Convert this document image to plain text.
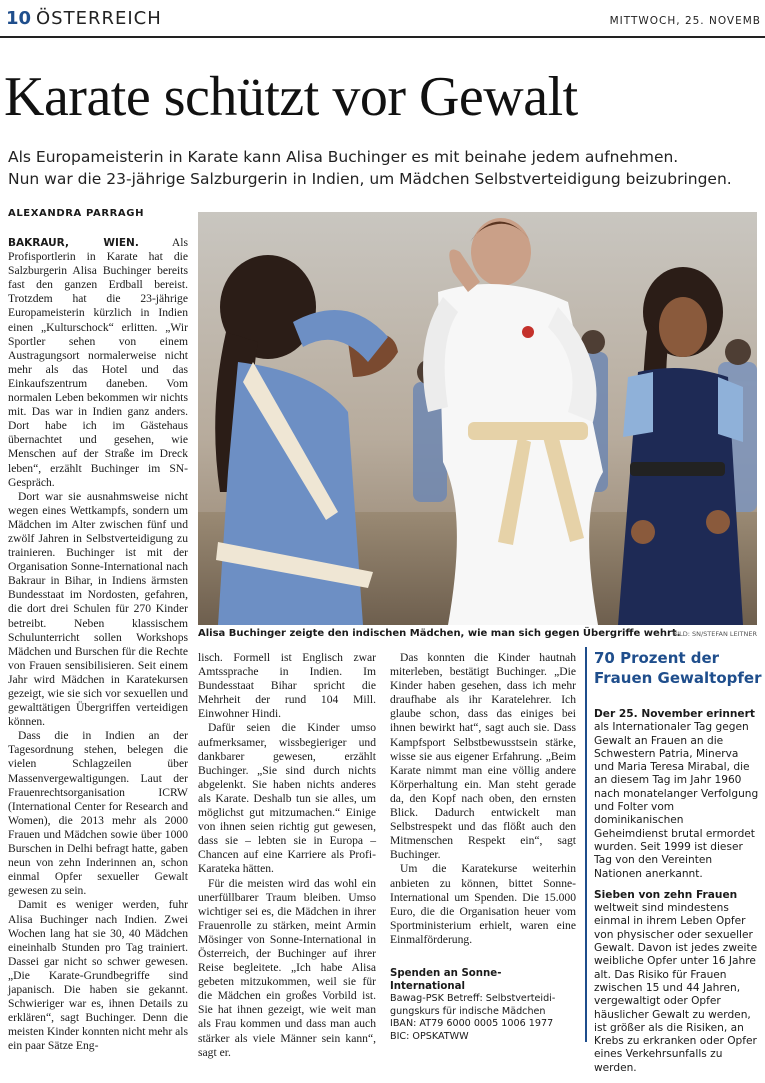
10 ÖSTERREICH	MITTWOCH, 25. NOVEMB
Karate schützt vor Gewalt
Als Europameisterin in Karate kann Alisa Buchinger es mit beinahe jedem aufnehmen.
Nun war die 23-jährige Salzburgerin in Indien, um Mädchen Selbstverteidigung beizubringen.
ALEXANDRA PARRAGH

BAKRAUR, WIEN.	Als Profisportlerin in Karate hat die Salzburgerin Alisa Buchinger bereits fast den ganzen Erdball bereist. Trotzdem hat die 23-jährige Europameisterin kürzlich in Indien einen „Kulturschock“ erlitten. „Wir Sportler sehen von einem Austragungsort normalerweise nicht mehr als das Hotel und das Einkaufszentrum daneben. Vom normalen Leben bekommen wir nichts mit. Das war in Indien ganz anders. Dort habe ich im Gästehaus übernachtet und gesehen, wie Menschen auf der Straße im Dreck leben“, erzählt Buchinger im SN-Gespräch.

Dort war sie ausnahmsweise nicht wegen eines Wettkampfs, sondern um Mädchen im Alter zwischen fünf und zwölf Jahren in Selbstverteidigung zu trainieren. Buchinger ist mit der Organisation Sonne-International nach Bakraur in Bihar, in Indiens ärmsten Bundesstaat im Nordosten, gefahren, die dort drei Schulen für 270 Kinder betreibt. Neben klassischem Schulunterricht sollen Workshops Mädchen und Burschen für die Rechte von Frauen sensibilisieren. Seit einem Jahr wird Mädchen in Karatekursen gezeigt, wie sie sich vor sexuellen und gewalttätigen Übergriffen verteidigen können.

Dass die in Indien an der Tagesordnung stehen, belegen die vielen Schlagzeilen über Massenvergewaltigungen. Laut der Frauenrechtsorganisation ICRW (International Center for Research and Women), die 2013 mehr als 2000 Frauen und Mädchen sowie über 1000 Burschen in Delhi befragt hatte, gaben neun von zehn Inderinnen an, schon einmal Opfer sexueller Gewalt gewesen zu sein.

Damit es weniger werden, fuhr Alisa Buchinger nach Indien. Zwei Wochen lang hat sie 30, 40 Mädchen eineinhalb Stunden pro Tag trainiert. Dassei gar nicht so schwer gewesen. „Die Karate-Grundbegriffe sind japanisch. Die haben sie gekannt. Schwieriger war es, ihnen Details zu erklären“, sagt Buchinger. Denn die meisten Kinder konnten nicht mehr als ein paar Sätze Eng-

Alisa Buchinger zeigte den indischen Mädchen, wie man sich gegen Übergriffe wehrt.
BILD: SN/STEFAN LEITNER

lisch. Formell ist Englisch zwar Amtssprache in Indien. Im Bundesstaat Bihar spricht die Mehrheit der rund 104 Mill. Einwohner Hindi.

Dafür seien die Kinder umso aufmerksamer, wissbegieriger und dankbarer gewesen, erzählt Buchinger. „Sie sind durch nichts abgelenkt. Sie haben nichts anderes als Karate. Deshalb tun sie alles, um möglichst gut mitzumachen.“ Einige von ihnen seien richtig gut gewesen, dass sie – lebten sie in Europa – Chancen auf eine Karriere als Profi-Karateka hätten.

Für die meisten wird das wohl ein unerfüllbarer Traum bleiben. Umso wichtiger sei es, die Mädchen in ihrer Frauenrolle zu stärken, meint Armin Mösinger von Sonne-International in Österreich, der Buchinger auf ihrer Reise begleitete. „Ich habe Alisa gebeten mitzukommen, weil sie für die Mädchen ein großes Vorbild ist. Sie hat ihnen gezeigt, wie weit man als Frau kommen und dass man auch stärker als viele Männer sein kann“, sagt er.

Das konnten die Kinder hautnah miterleben, bestätigt Buchinger. „Die Kinder haben gesehen, dass ich mehr draufhabe als ihr Karatelehrer. Ich glaube schon, dass das einiges bei ihnen bewirkt hat“, sagt auch sie. Dass Kampfsport Selbstbewusstsein stärke, wisse sie aus eigener Erfahrung. „Beim Karate nimmt man eine völlig andere Körperhaltung ein. Man steht gerade da, den Kopf nach oben, den ernsten Blick. Dadurch entwickelt man Selbstrespekt und das flößt auch den Mitmenschen Respekt ein“, sagt Buchinger.

Um die Karatekurse weiterhin anbieten zu können, bittet Sonne-International um Spenden. Die 15.000 Euro, die die Organisation heuer vom Sportministerium erhielt, waren eine Einmalförderung.

Spenden an Sonne-International
Bawag-PSK Betreff: Selbstverteidi-
gungskurs für indische Mädchen
IBAN: AT79 6000 0005 1006 1977
BIC: OPSKATWW
70 Prozent der Frauen Gewaltopfer

Der 25. November erinnert als Internationaler Tag gegen Gewalt an Frauen an die Schwestern Patria, Minerva und Maria Teresa Mirabal, die an diesem Tag im Jahr 1960 nach monatelanger Verfolgung und Folter vom dominikanischen Geheimdienst brutal ermordet wurden. Seit 1999 ist dieser Tag von den Vereinten Nationen anerkannt.

Sieben von zehn Frauen weltweit sind mindestens einmal in ihrem Leben Opfer von physischer oder sexueller Gewalt. Davon ist jedes zweite weibliche Opfer unter 16 Jahre alt. Das Risiko für Frauen zwischen 15 und 44 Jahren, vergewaltigt oder Opfer häuslicher Gewalt zu werden, ist größer als die Risiken, an Krebs zu erkranken oder Opfer eines Verkehrsunfalls zu werden.
